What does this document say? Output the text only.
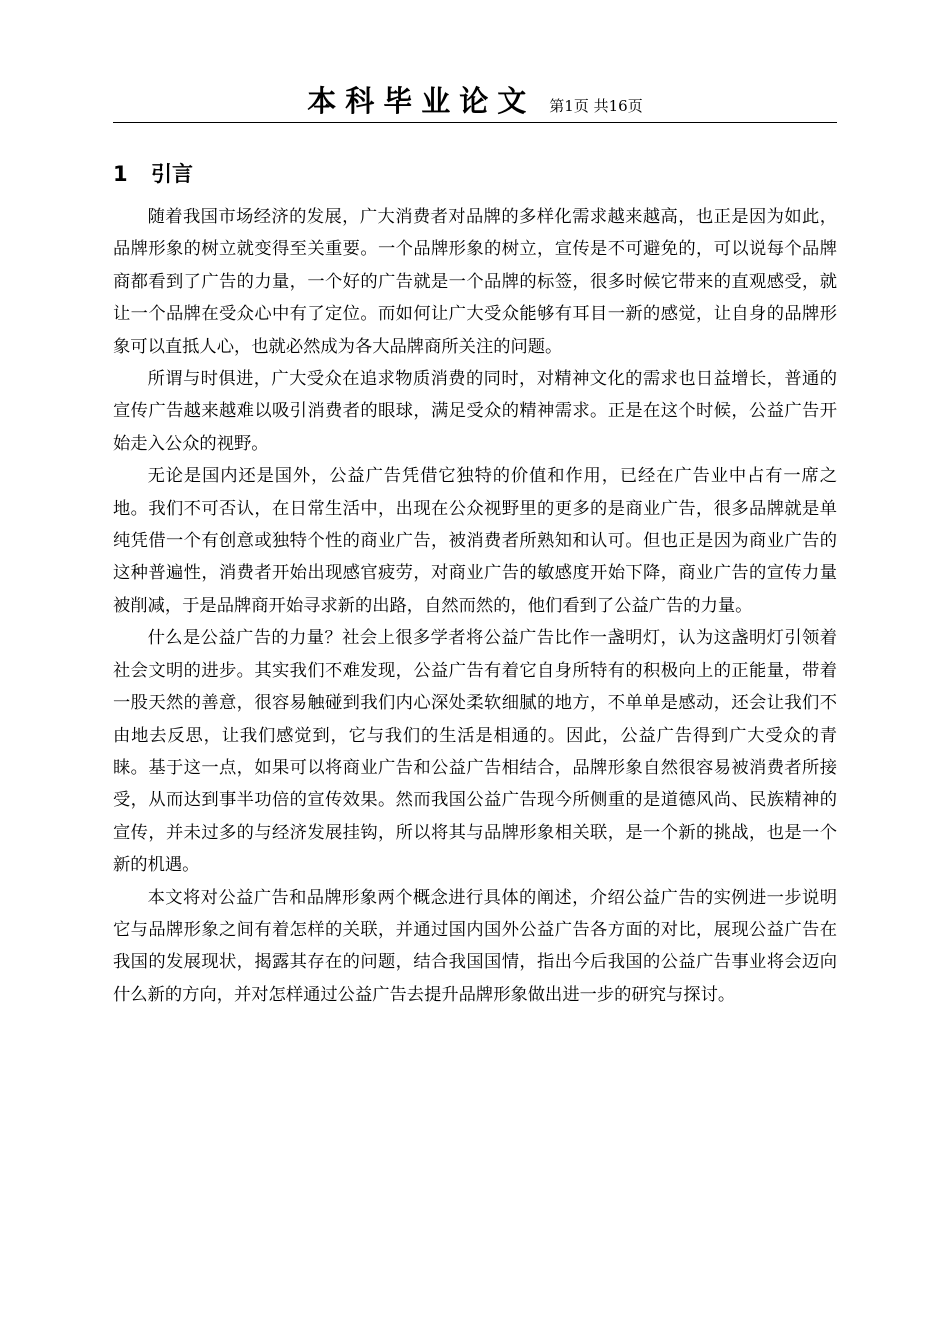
本科毕业论文 第1页 共16页
1 引言

随着我国市场经济的发展，广大消费者对品牌的多样化需求越来越高，也正是因为如此，品牌形象的树立就变得至关重要。一个品牌形象的树立，宣传是不可避免的，可以说每个品牌商都看到了广告的力量，一个好的广告就是一个品牌的标签，很多时候它带来的直观感受，就让一个品牌在受众心中有了定位。而如何让广大受众能够有耳目一新的感觉，让自身的品牌形象可以直抵人心，也就必然成为各大品牌商所关注的问题。

所谓与时俱进，广大受众在追求物质消费的同时，对精神文化的需求也日益增长，普通的宣传广告越来越难以吸引消费者的眼球，满足受众的精神需求。正是在这个时候，公益广告开始走入公众的视野。

无论是国内还是国外，公益广告凭借它独特的价值和作用，已经在广告业中占有一席之地。我们不可否认，在日常生活中，出现在公众视野里的更多的是商业广告，很多品牌就是单纯凭借一个有创意或独特个性的商业广告，被消费者所熟知和认可。但也正是因为商业广告的这种普遍性，消费者开始出现感官疲劳，对商业广告的敏感度开始下降，商业广告的宣传力量被削减，于是品牌商开始寻求新的出路，自然而然的，他们看到了公益广告的力量。

什么是公益广告的力量？社会上很多学者将公益广告比作一盏明灯，认为这盏明灯引领着社会文明的进步。其实我们不难发现，公益广告有着它自身所特有的积极向上的正能量，带着一股天然的善意，很容易触碰到我们内心深处柔软细腻的地方，不单单是感动，还会让我们不由地去反思，让我们感觉到，它与我们的生活是相通的。因此，公益广告得到广大受众的青睐。基于这一点，如果可以将商业广告和公益广告相结合，品牌形象自然很容易被消费者所接受，从而达到事半功倍的宣传效果。然而我国公益广告现今所侧重的是道德风尚、民族精神的宣传，并未过多的与经济发展挂钩，所以将其与品牌形象相关联，是一个新的挑战，也是一个新的机遇。

本文将对公益广告和品牌形象两个概念进行具体的阐述，介绍公益广告的实例进一步说明它与品牌形象之间有着怎样的关联，并通过国内国外公益广告各方面的对比，展现公益广告在我国的发展现状，揭露其存在的问题，结合我国国情，指出今后我国的公益广告事业将会迈向什么新的方向，并对怎样通过公益广告去提升品牌形象做出进一步的研究与探讨。
